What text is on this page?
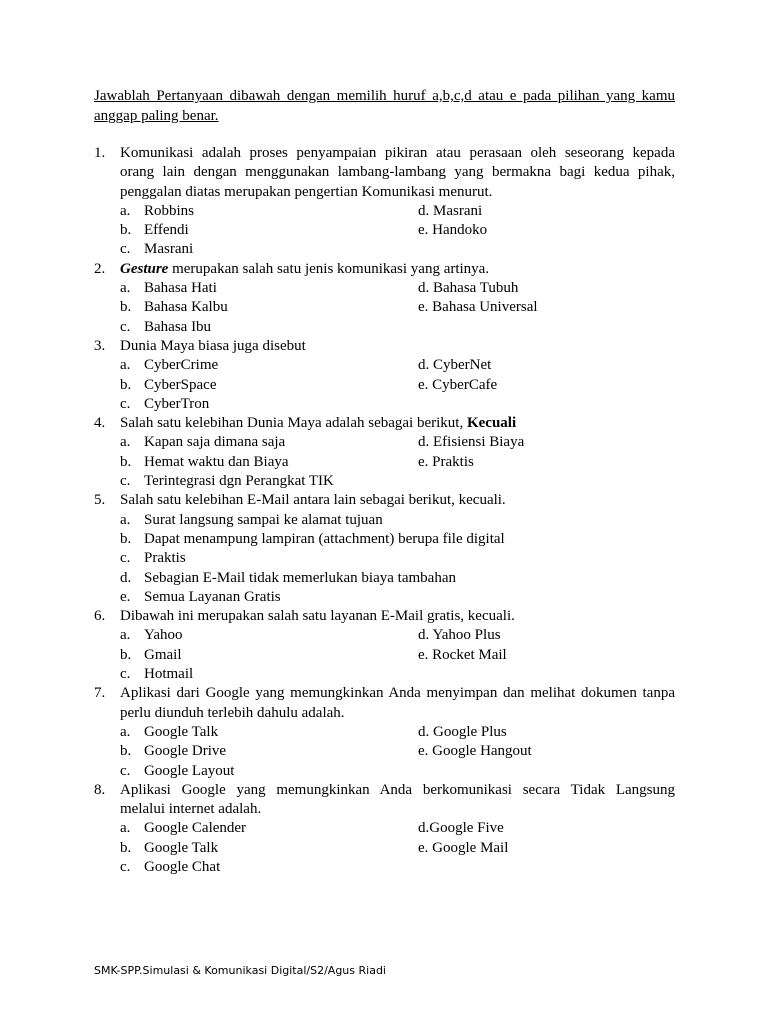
Jawablah Pertanyaan dibawah dengan memilih huruf a,b,c,d atau e pada pilihan yang kamu
anggap paling benar.
1. Komunikasi adalah proses penyampaian pikiran atau perasaan oleh seseorang kepada
orang lain dengan menggunakan lambang-lambang yang bermakna bagi kedua pihak,
penggalan diatas merupakan pengertian Komunikasi menurut.
a. Robbins	d. Masrani
b. Effendi	e. Handoko
c. Masrani
2. Gesture merupakan salah satu jenis komunikasi yang artinya.
a. Bahasa Hati	d. Bahasa Tubuh
b. Bahasa Kalbu	e. Bahasa Universal
c. Bahasa Ibu
3. Dunia Maya biasa juga disebut
a. CyberCrime	d. CyberNet
b. CyberSpace	e. CyberCafe
c. CyberTron
4. Salah satu kelebihan Dunia Maya adalah sebagai berikut, Kecuali
a. Kapan saja dimana saja	d. Efisiensi Biaya
b. Hemat waktu dan Biaya	e. Praktis
c. Terintegrasi dgn Perangkat TIK
5. Salah satu kelebihan E-Mail antara lain sebagai berikut, kecuali.
a. Surat langsung sampai ke alamat tujuan
b. Dapat menampung lampiran (attachment) berupa file digital
c. Praktis
d. Sebagian E-Mail tidak memerlukan biaya tambahan
e. Semua Layanan Gratis
6. Dibawah ini merupakan salah satu layanan E-Mail gratis, kecuali.
a. Yahoo	d. Yahoo Plus
b. Gmail	e. Rocket Mail
c. Hotmail
7. Aplikasi dari Google yang memungkinkan Anda menyimpan dan melihat dokumen tanpa
perlu diunduh terlebih dahulu adalah.
a. Google Talk	d. Google Plus
b. Google Drive	e. Google Hangout
c. Google Layout
8. Aplikasi Google yang memungkinkan Anda berkomunikasi secara Tidak Langsung
melalui internet adalah.
a. Google Calender	d.Google Five
b. Google Talk	e. Google Mail
c. Google Chat
SMK-SPP.Simulasi & Komunikasi Digital/S2/Agus Riadi
